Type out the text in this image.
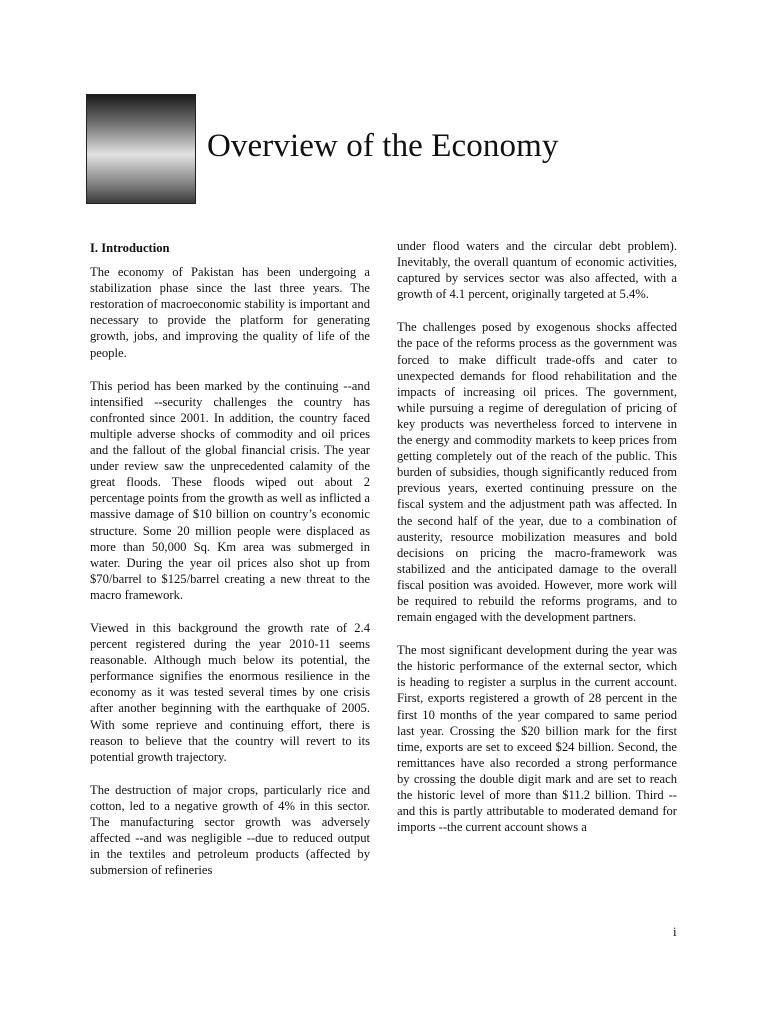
Overview of the Economy
I. Introduction

The economy of Pakistan has been undergoing a stabilization phase since the last three years. The restoration of macroeconomic stability is important and necessary to provide the platform for generating growth, jobs, and improving the quality of life of the people.

This period has been marked by the continuing --and intensified --security challenges the country has confronted since 2001. In addition, the country faced multiple adverse shocks of commodity and oil prices and the fallout of the global financial crisis. The year under review saw the unprecedented calamity of the great floods. These floods wiped out about 2 percentage points from the growth as well as inflicted a massive damage of $10 billion on country’s economic structure. Some 20 million people were displaced as more than 50,000 Sq. Km area was submerged in water. During the year oil prices also shot up from $70/barrel to $125/barrel creating a new threat to the macro framework.

Viewed in this background the growth rate of 2.4 percent registered during the year 2010-11 seems reasonable. Although much below its potential, the performance signifies the enormous resilience in the economy as it was tested several times by one crisis after another beginning with the earthquake of 2005. With some reprieve and continuing effort, there is reason to believe that the country will revert to its potential growth trajectory.

The destruction of major crops, particularly rice and cotton, led to a negative growth of 4% in this sector. The manufacturing sector growth was adversely affected --and was negligible --due to reduced output in the textiles and petroleum products (affected by submersion of refineries

under flood waters and the circular debt problem). Inevitably, the overall quantum of economic activities, captured by services sector was also affected, with a growth of 4.1 percent, originally targeted at 5.4%.

The challenges posed by exogenous shocks affected the pace of the reforms process as the government was forced to make difficult trade-offs and cater to unexpected demands for flood rehabilitation and the impacts of increasing oil prices. The government, while pursuing a regime of deregulation of pricing of key products was nevertheless forced to intervene in the energy and commodity markets to keep prices from getting completely out of the reach of the public. This burden of subsidies, though significantly reduced from previous years, exerted continuing pressure on the fiscal system and the adjustment path was affected. In the second half of the year, due to a combination of austerity, resource mobilization measures and bold decisions on pricing the macro-framework was stabilized and the anticipated damage to the overall fiscal position was avoided. However, more work will be required to rebuild the reforms programs, and to remain engaged with the development partners.

The most significant development during the year was the historic performance of the external sector, which is heading to register a surplus in the current account. First, exports registered a growth of 28 percent in the first 10 months of the year compared to same period last year. Crossing the $20 billion mark for the first time, exports are set to exceed $24 billion. Second, the remittances have also recorded a strong performance by crossing the double digit mark and are set to reach the historic level of more than $11.2 billion. Third --and this is partly attributable to moderated demand for imports --the current account shows a

i
